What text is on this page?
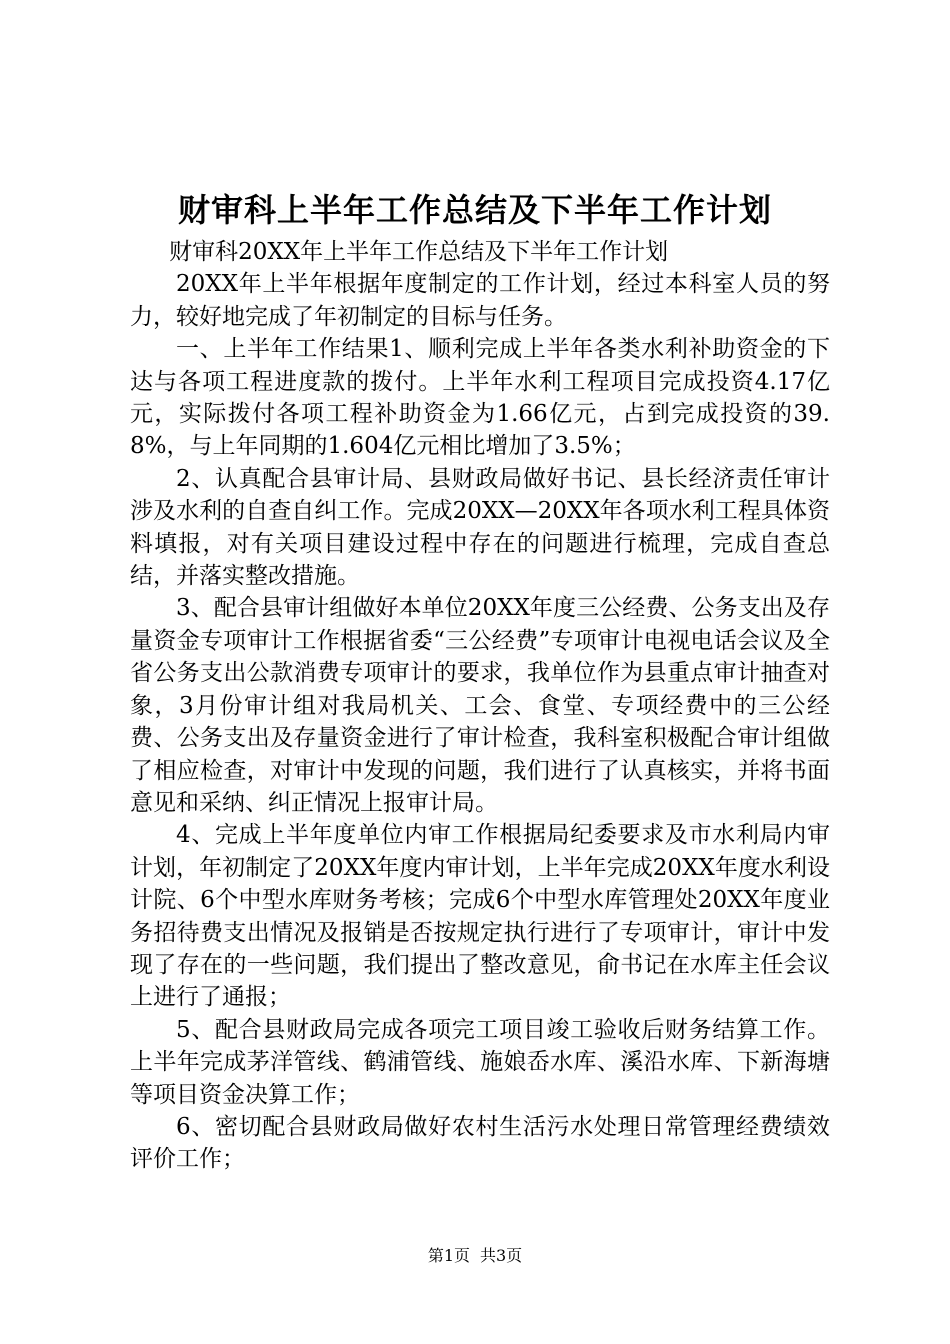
财审科上半年工作总结及下半年工作计划

财审科20XX年上半年工作总结及下半年工作计划

20XX年上半年根据年度制定的工作计划，经过本科室人员的努力，较好地完成了年初制定的目标与任务。

一、上半年工作结果1、顺利完成上半年各类水利补助资金的下达与各项工程进度款的拨付。上半年水利工程项目完成投资4.17亿元，实际拨付各项工程补助资金为1.66亿元，占到完成投资的39.8%，与上年同期的1.604亿元相比增加了3.5%；

2、认真配合县审计局、县财政局做好书记、县长经济责任审计涉及水利的自查自纠工作。完成20XX—20XX年各项水利工程具体资料填报，对有关项目建设过程中存在的问题进行梳理，完成自查总结，并落实整改措施。

3、配合县审计组做好本单位20XX年度三公经费、公务支出及存量资金专项审计工作根据省委“三公经费”专项审计电视电话会议及全省公务支出公款消费专项审计的要求，我单位作为县重点审计抽查对象，3月份审计组对我局机关、工会、食堂、专项经费中的三公经费、公务支出及存量资金进行了审计检查，我科室积极配合审计组做了相应检查，对审计中发现的问题，我们进行了认真核实，并将书面意见和采纳、纠正情况上报审计局。

4、完成上半年度单位内审工作根据局纪委要求及市水利局内审计划，年初制定了20XX年度内审计划，上半年完成20XX年度水利设计院、6个中型水库财务考核；完成6个中型水库管理处20XX年度业务招待费支出情况及报销是否按规定执行进行了专项审计，审计中发现了存在的一些问题，我们提出了整改意见，俞书记在水库主任会议上进行了通报；

5、配合县财政局完成各项完工项目竣工验收后财务结算工作。上半年完成茅洋管线、鹤浦管线、施娘岙水库、溪沿水库、下新海塘等项目资金决算工作；

6、密切配合县财政局做好农村生活污水处理日常管理经费绩效评价工作；

第1页 共3页
